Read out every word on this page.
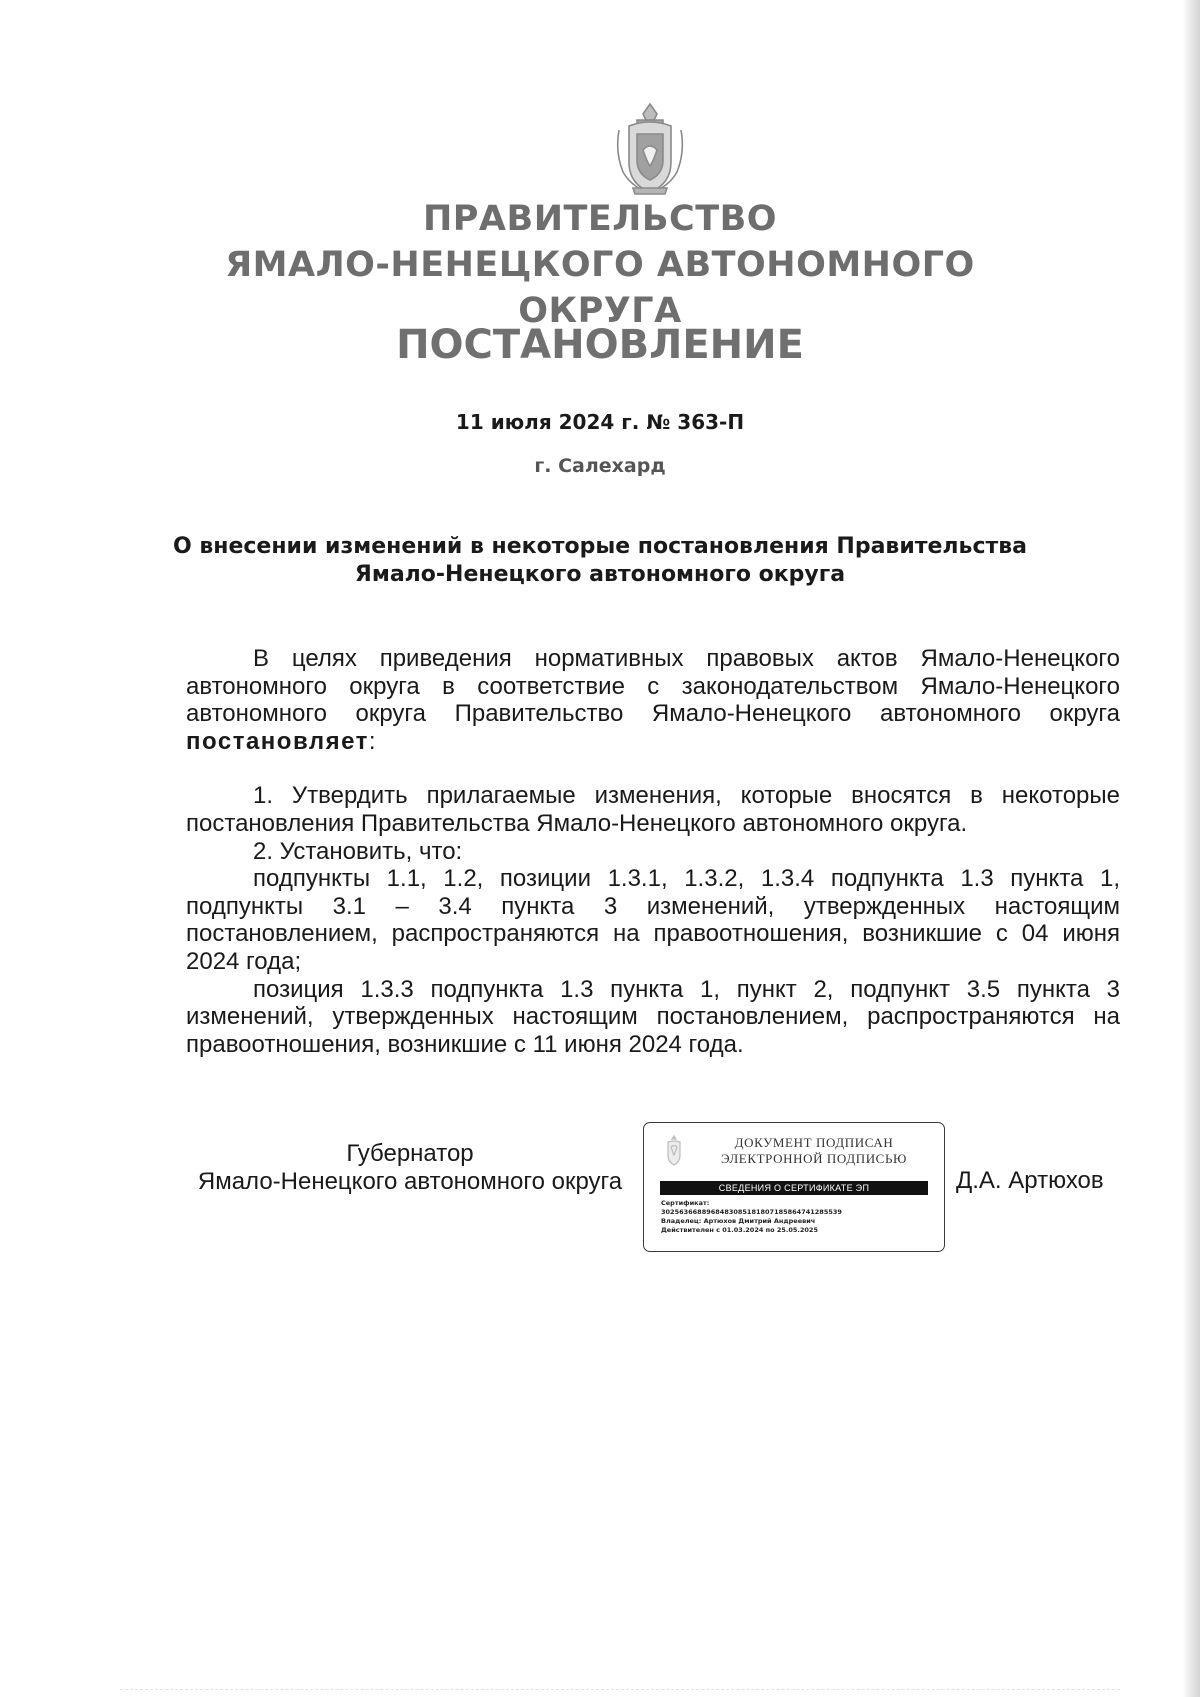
ПРАВИТЕЛЬСТВО
ЯМАЛО-НЕНЕЦКОГО АВТОНОМНОГО ОКРУГА
ПОСТАНОВЛЕНИЕ
11 июля 2024 г. № 363-П
г. Салехард
О внесении изменений в некоторые постановления Правительства
Ямало-Ненецкого автономного округа

В целях приведения нормативных правовых актов Ямало-Ненецкого автономного округа в соответствие с законодательством Ямало-Ненецкого автономного округа Правительство Ямало-Ненецкого автономного округа постановляет:

1. Утвердить прилагаемые изменения, которые вносятся в некоторые постановления Правительства Ямало-Ненецкого автономного округа.

2. Установить, что:

подпункты 1.1, 1.2, позиции 1.3.1, 1.3.2, 1.3.4 подпункта 1.3 пункта 1, подпункты 3.1 – 3.4 пункта 3 изменений, утвержденных настоящим постановлением, распространяются на правоотношения, возникшие с 04 июня 2024 года;

позиция 1.3.3 подпункта 1.3 пункта 1, пункт 2, подпункт 3.5 пункта 3 изменений, утвержденных настоящим постановлением, распространяются на правоотношения, возникшие с 11 июня 2024 года.

Губернатор
Ямало-Ненецкого автономного округа
ДОКУМЕНТ ПОДПИСАН
ЭЛЕКТРОННОЙ ПОДПИСЬЮ
СВЕДЕНИЯ О СЕРТИФИКАТЕ ЭП
Сертификат:
3025636688968483085181807185864741285539
Владелец: Артюхов Дмитрий Андреевич
Действителен с 01.03.2024 по 25.05.2025
Д.А. Артюхов
